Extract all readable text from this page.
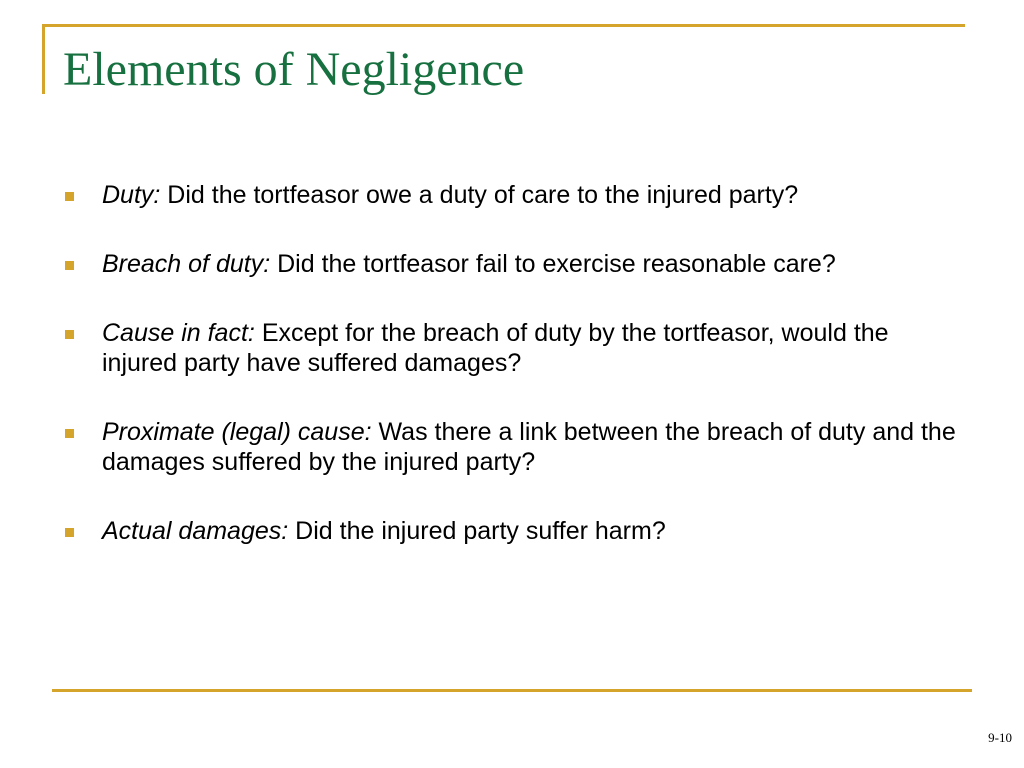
Elements of Negligence
Duty: Did the tortfeasor owe a duty of care to the injured party?
Breach of duty: Did the tortfeasor fail to exercise reasonable care?
Cause in fact: Except for the breach of duty by the tortfeasor, would the injured party have suffered damages?
Proximate (legal) cause: Was there a link between the breach of duty and the damages suffered by the injured party?
Actual damages: Did the injured party suffer harm?
9-10
